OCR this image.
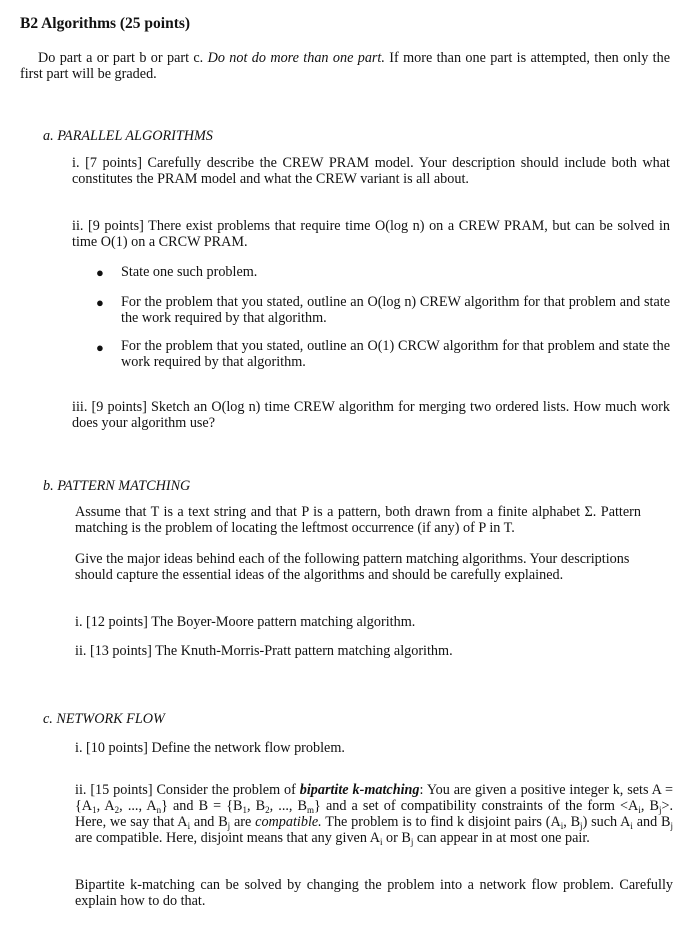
B2 Algorithms (25 points)

Do part a or part b or part c. Do not do more than one part. If more than one part is attempted, then only the first part will be graded.

a. PARALLEL ALGORITHMS

i. [7 points] Carefully describe the CREW PRAM model. Your description should include both what constitutes the PRAM model and what the CREW variant is all about.

ii. [9 points] There exist problems that require time O(log n) on a CREW PRAM, but can be solved in time O(1) on a CRCW PRAM.

● State one such problem.

● For the problem that you stated, outline an O(log n) CREW algorithm for that problem and state the work required by that algorithm.

● For the problem that you stated, outline an O(1) CRCW algorithm for that problem and state the work required by that algorithm.

iii. [9 points] Sketch an O(log n) time CREW algorithm for merging two ordered lists. How much work does your algorithm use?

b. PATTERN MATCHING

Assume that T is a text string and that P is a pattern, both drawn from a finite alphabet Σ. Pattern matching is the problem of locating the leftmost occurrence (if any) of P in T.

Give the major ideas behind each of the following pattern matching algorithms. Your descriptions should capture the essential ideas of the algorithms and should be carefully explained.

i. [12 points] The Boyer-Moore pattern matching algorithm.

ii. [13 points] The Knuth-Morris-Pratt pattern matching algorithm.

c. NETWORK FLOW

i. [10 points] Define the network flow problem.

ii. [15 points] Consider the problem of bipartite k-matching: You are given a positive integer k, sets $A = \{A_1$, $A_2$, ..., $A_n$} and $B = \{B_1$, $B_2$, ..., $B_m$} and a set of compatibility constraints of the form $<A_i$, $B_j>$. Here, we say that $A_i$ and $B_j$ are compatible. The problem is to find k disjoint pairs ($A_i$, $B_j$) such $A_i$ and $B_j$ are compatible. Here, disjoint means that any given $A_i$ or $B_j$ can appear in at most one pair.

Bipartite k-matching can be solved by changing the problem into a network flow problem. Carefully explain how to do that.
